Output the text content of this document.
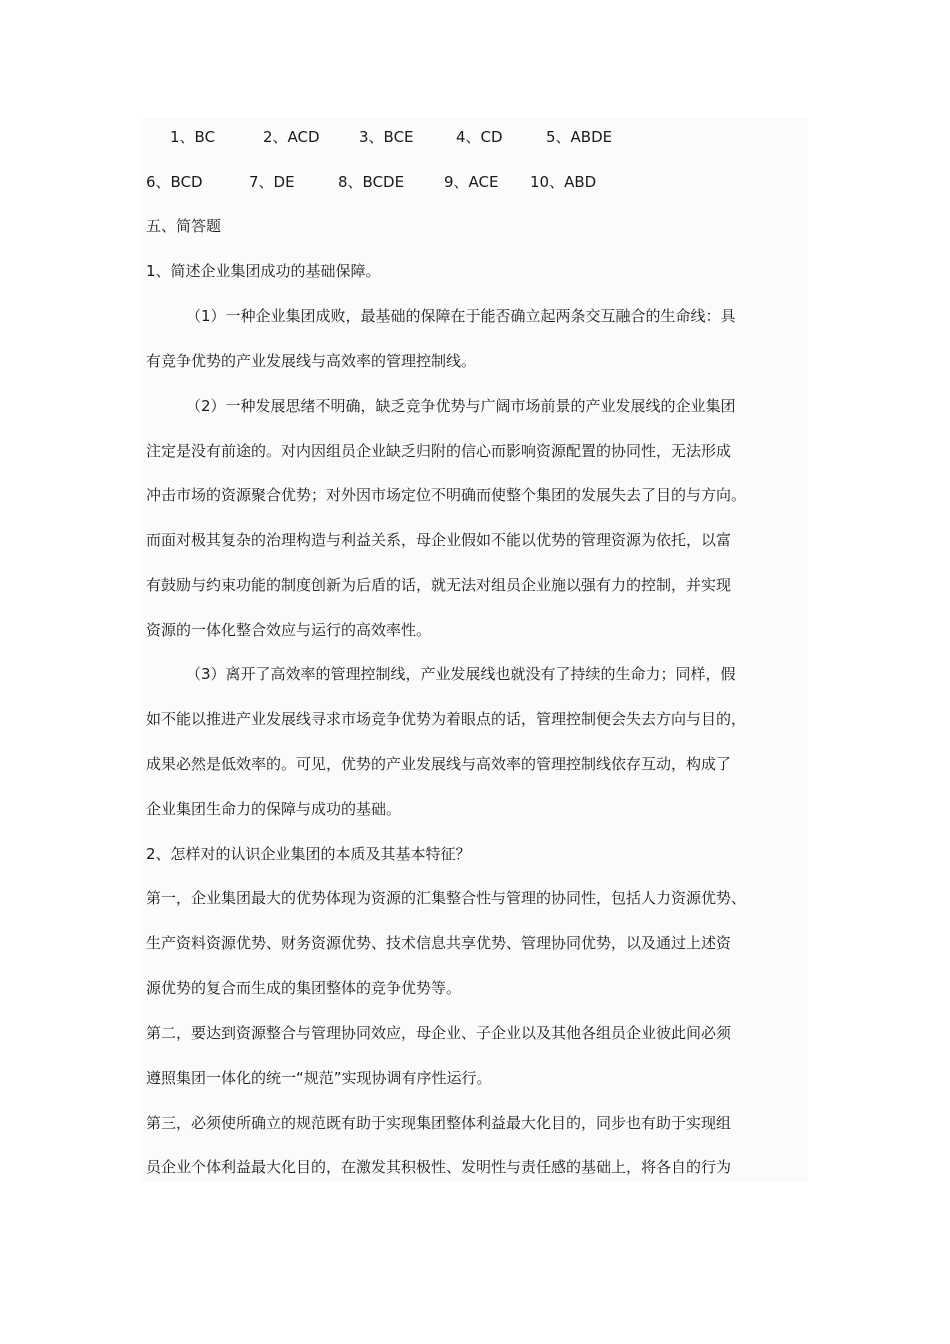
1、BC	2、ACD	3、BCE	4、CD	5、ABDE
6、BCD	7、DE	8、BCDE	9、ACE 10、ABD
五、简答题
1、简述企业集团成功的基础保障。
（1）一种企业集团成败，最基础的保障在于能否确立起两条交互融合的生命线：具
有竞争优势的产业发展线与高效率的管理控制线。
（2）一种发展思绪不明确，缺乏竞争优势与广阔市场前景的产业发展线的企业集团
注定是没有前途的。对内因组员企业缺乏归附的信心而影响资源配置的协同性，无法形成
冲击市场的资源聚合优势；对外因市场定位不明确而使整个集团的发展失去了目的与方向。
而面对极其复杂的治理构造与利益关系，母企业假如不能以优势的管理资源为依托，以富
有鼓励与约束功能的制度创新为后盾的话，就无法对组员企业施以强有力的控制，并实现
资源的一体化整合效应与运行的高效率性。
（3）离开了高效率的管理控制线，产业发展线也就没有了持续的生命力；同样，假
如不能以推进产业发展线寻求市场竞争优势为着眼点的话，管理控制便会失去方向与目的，
成果必然是低效率的。可见，优势的产业发展线与高效率的管理控制线依存互动，构成了
企业集团生命力的保障与成功的基础。
2、怎样对的认识企业集团的本质及其基本特征？
第一，企业集团最大的优势体现为资源的汇集整合性与管理的协同性，包括人力资源优势、
生产资料资源优势、财务资源优势、技术信息共享优势、管理协同优势，以及通过上述资
源优势的复合而生成的集团整体的竞争优势等。
第二，要达到资源整合与管理协同效应，母企业、子企业以及其他各组员企业彼此间必须
遵照集团一体化的统一“规范”实现协调有序性运行。
第三，必须使所确立的规范既有助于实现集团整体利益最大化目的，同步也有助于实现组
员企业个体利益最大化目的，在激发其积极性、发明性与责任感的基础上，将各自的行为
